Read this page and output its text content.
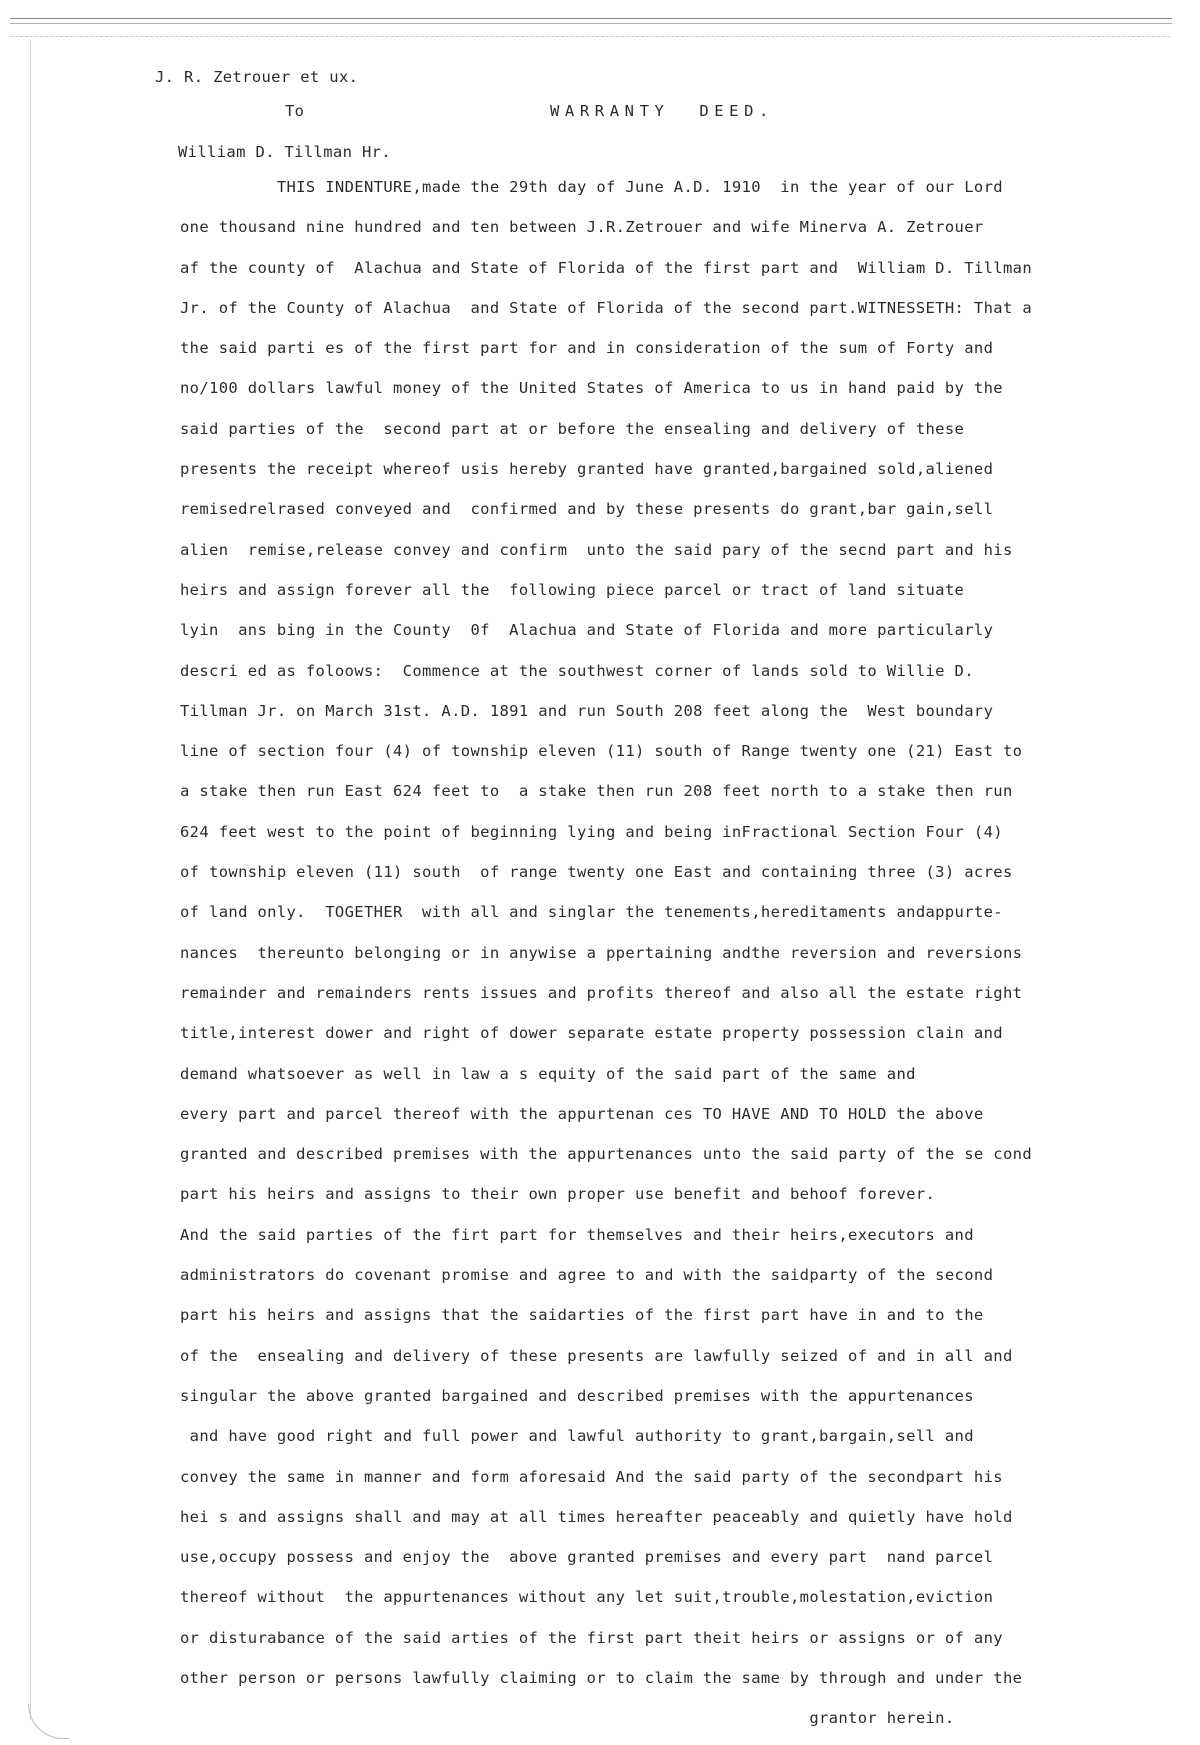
J. R. Zetrouer et ux.
To	WARRANTY  DEED.
William D. Tillman Hr.
THIS INDENTURE,made the 29th day of June A.D. 1910  in the year of our Lord
one thousand nine hundred and ten between J.R.Zetrouer and wife Minerva A. Zetrouer
af the county of  Alachua and State of Florida of the first part and  William D. Tillman
Jr. of the County of Alachua  and State of Florida of the second part.WITNESSETH: That a
the said parti es of the first part for and in consideration of the sum of Forty and
no/100 dollars lawful money of the United States of America to us in hand paid by the
said parties of the  second part at or before the ensealing and delivery of these
presents the receipt whereof usis hereby granted have granted,bargained sold,aliened
remisedrelrased conveyed and  confirmed and by these presents do grant,bar gain,sell
alien  remise,release convey and confirm  unto the said pary of the secnd part and his
heirs and assign forever all the  following piece parcel or tract of land situate
lyin  ans bing in the County  0f  Alachua and State of Florida and more particularly
descri ed as foloows:  Commence at the southwest corner of lands sold to Willie D.
Tillman Jr. on March 31st. A.D. 1891 and run South 208 feet along the  West boundary
line of section four (4) of township eleven (11) south of Range twenty one (21) East to
a stake then run East 624 feet to  a stake then run 208 feet north to a stake then run
624 feet west to the point of beginning lying and being inFractional Section Four (4)
of township eleven (11) south  of range twenty one East and containing three (3) acres
of land only.  TOGETHER  with all and singlar the tenements,hereditaments andappurte-
nances  thereunto belonging or in anywise a ppertaining andthe reversion and reversions
remainder and remainders rents issues and profits thereof and also all the estate right
title,interest dower and right of dower separate estate property possession clain and
demand whatsoever as well in law a s equity of the said part of the same and
every part and parcel thereof with the appurtenan ces TO HAVE AND TO HOLD the above
granted and described premises with the appurtenances unto the said party of the se cond
part his heirs and assigns to their own proper use benefit and behoof forever.
And the said parties of the firt part for themselves and their heirs,executors and
administrators do covenant promise and agree to and with the saidparty of the second
part his heirs and assigns that the saidarties of the first part have in and to the
of the  ensealing and delivery of these presents are lawfully seized of and in all and
singular the above granted bargained and described premises with the appurtenances
and have good right and full power and lawful authority to grant,bargain,sell and
convey the same in manner and form aforesaid And the said party of the secondpart his
hei s and assigns shall and may at all times hereafter peaceably and quietly have hold
use,occupy possess and enjoy the  above granted premises and every part  nand parcel
thereof without  the appurtenances without any let suit,trouble,molestation,eviction
or disturabance of the said arties of the first part theit heirs or assigns or of any
other person or persons lawfully claiming or to claim the same by through and under the
grantor herein.
